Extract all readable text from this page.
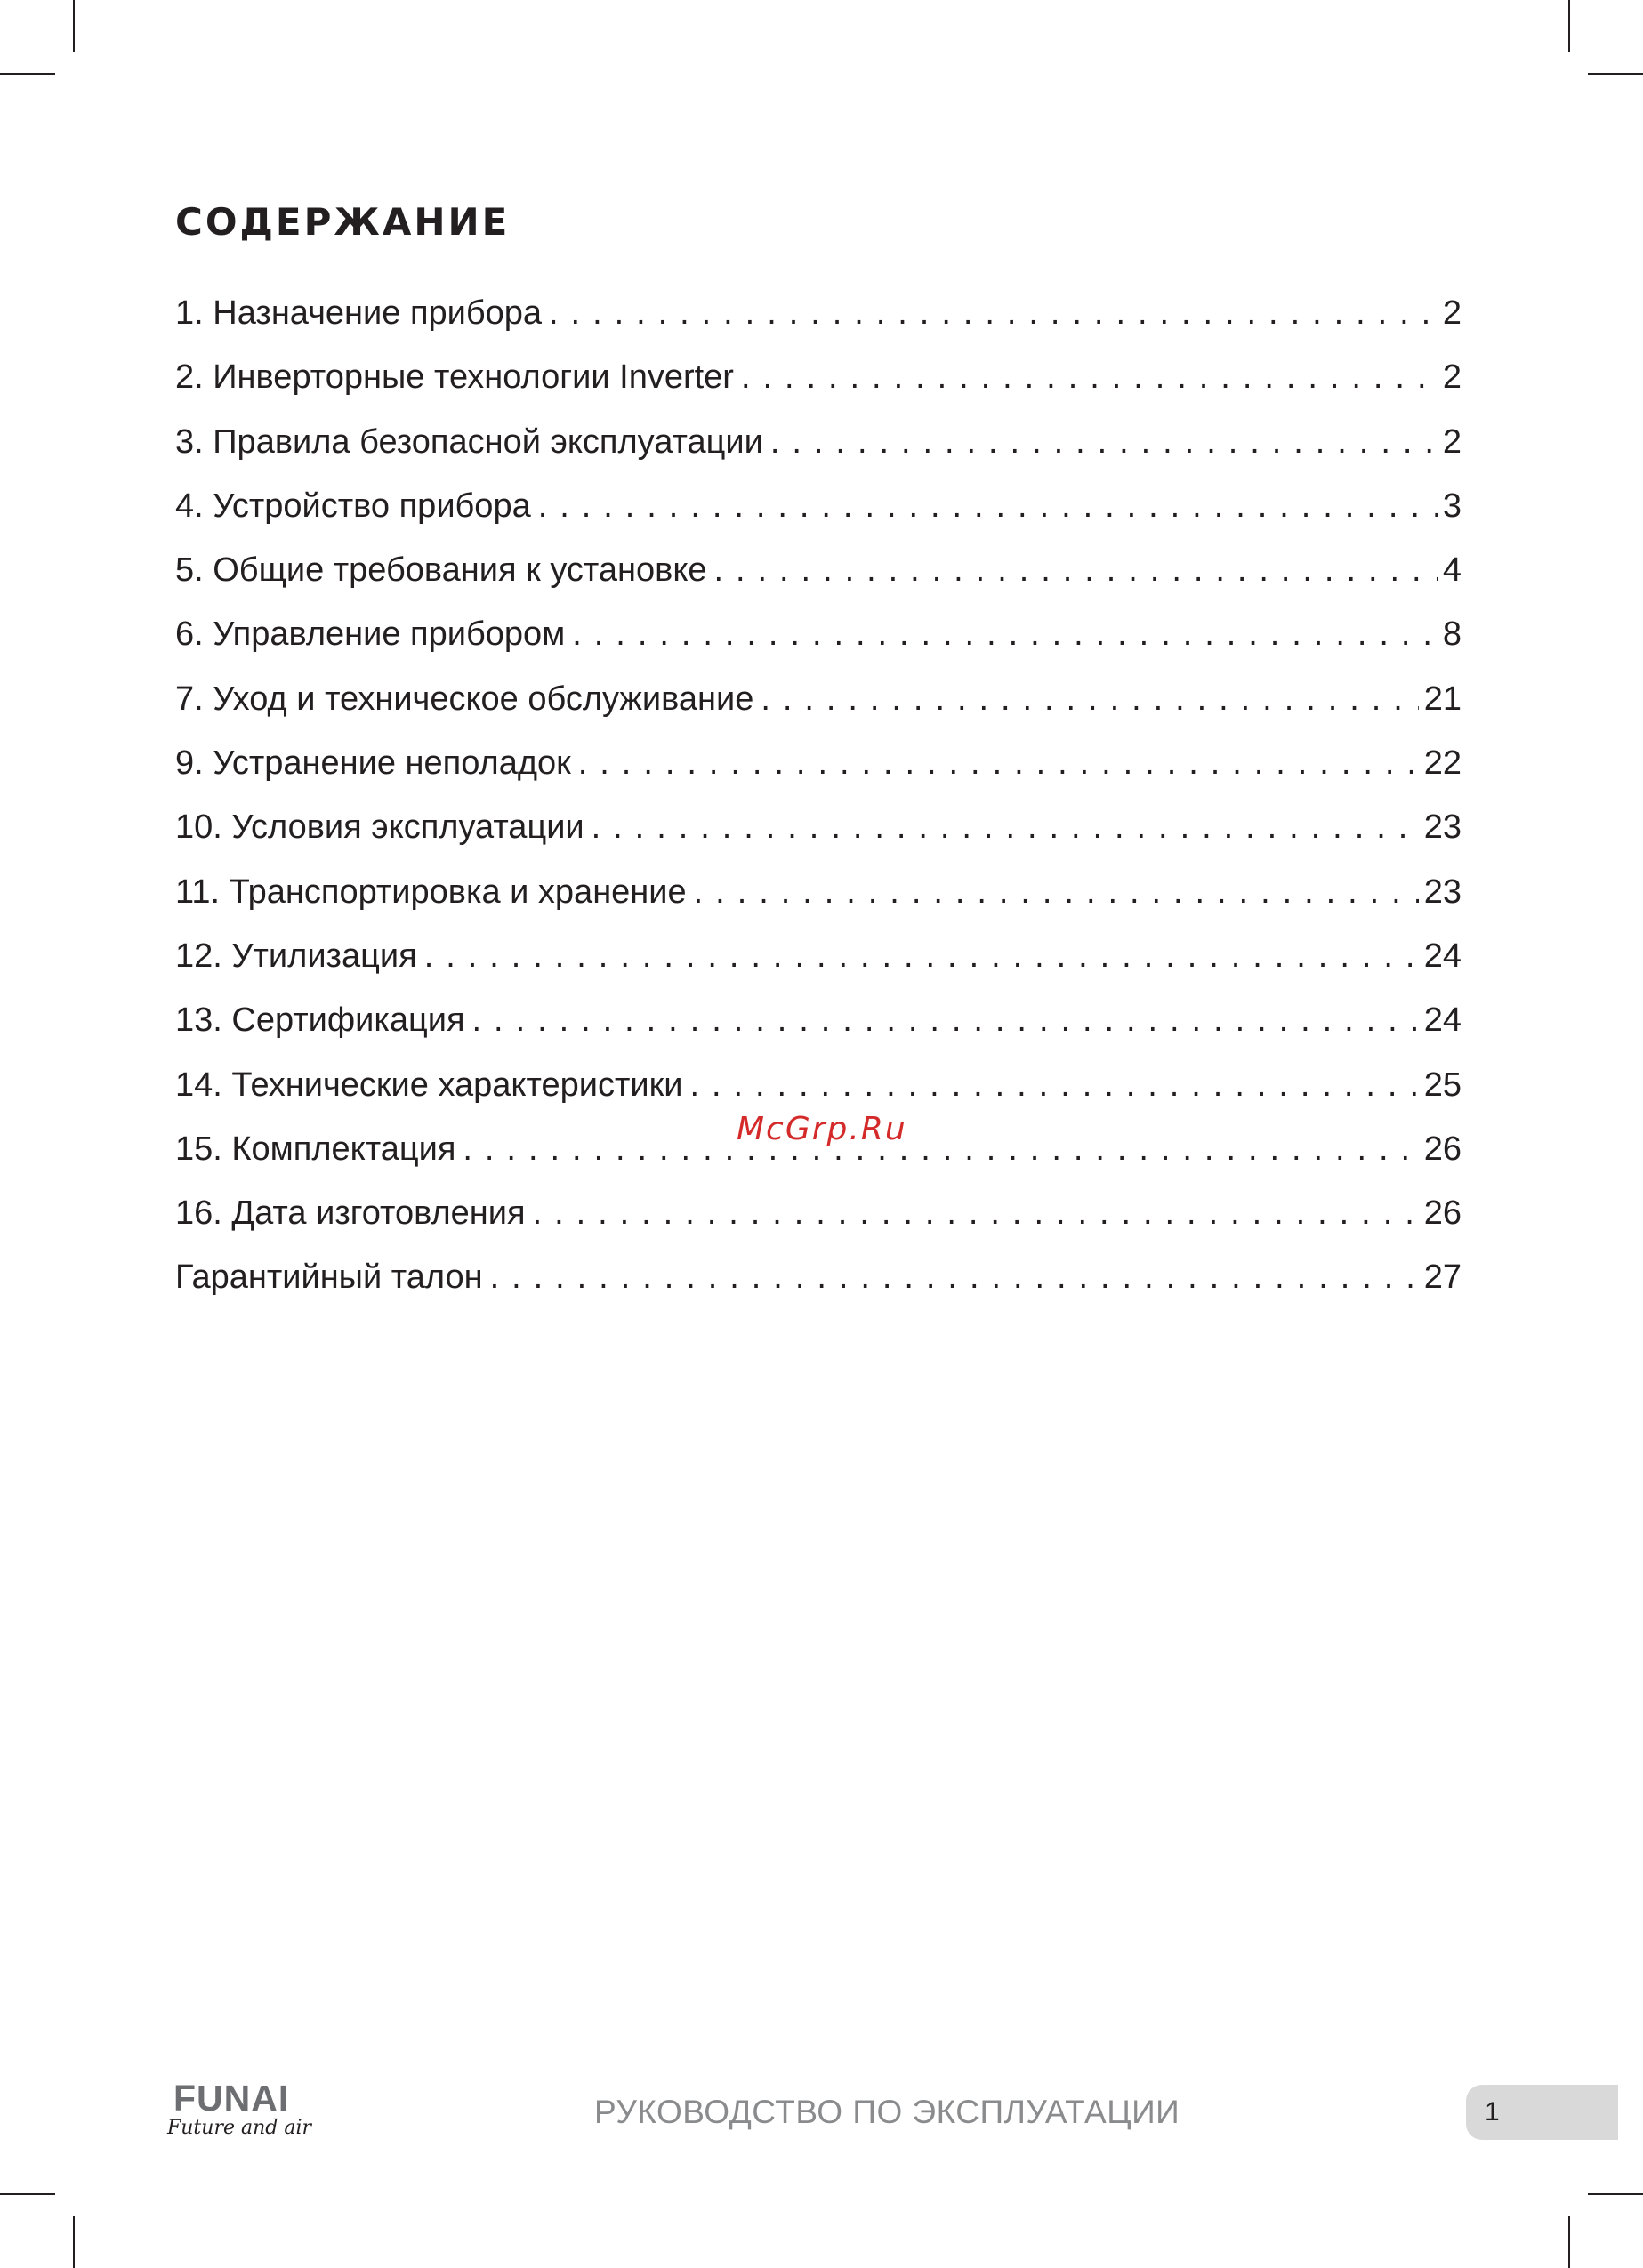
СОДЕРЖАНИЕ
1. Назначение прибора . . .	2
2. Инверторные технологии Inverter . . .	2
3. Правила безопасной эксплуатации . . .	2
4. Устройство прибора . . .	3
5. Общие требования к установке . . .	4
6. Управление прибором . . .	8
7. Уход и техническое обслуживание . . .	21
9. Устранение неполадок . . .	22
10. Условия эксплуатации . . .	23
11. Транспортировка и хранение . . .	23
12. Утилизация . . .	24
13. Сертификация . . .	24
14. Технические характеристики . . .	25
15. Комплектация . . .	26
16. Дата изготовления . . .	26
Гарантийный талон . . .	27
McGrp.Ru
FUNAI
Future and air	РУКОВОДСТВО ПО ЭКСПЛУАТАЦИИ	1
